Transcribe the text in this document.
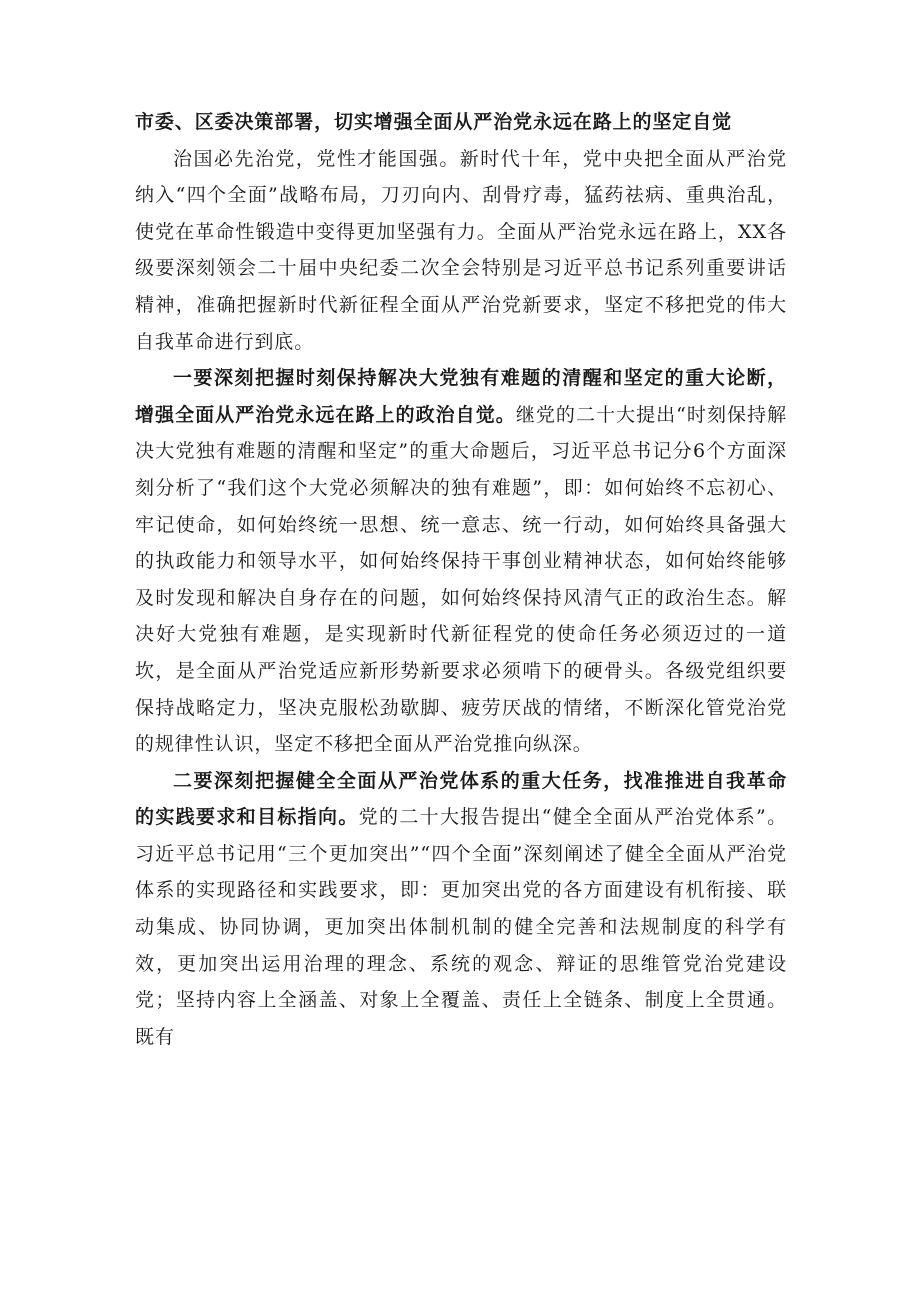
市委、区委决策部署，切实增强全面从严治党永远在路上的坚定自觉

治国必先治党，党性才能国强。新时代十年，党中央把全面从严治党纳入“四个全面”战略布局，刀刃向内、刮骨疗毒，猛药祛病、重典治乱，使党在革命性锻造中变得更加坚强有力。全面从严治党永远在路上，XX各级要深刻领会二十届中央纪委二次全会特别是习近平总书记系列重要讲话精神，准确把握新时代新征程全面从严治党新要求，坚定不移把党的伟大自我革命进行到底。

一要深刻把握时刻保持解决大党独有难题的清醒和坚定的重大论断，增强全面从严治党永远在路上的政治自觉。继党的二十大提出“时刻保持解决大党独有难题的清醒和坚定”的重大命题后，习近平总书记分6个方面深刻分析了“我们这个大党必须解决的独有难题”，即：如何始终不忘初心、牢记使命，如何始终统一思想、统一意志、统一行动，如何始终具备强大的执政能力和领导水平，如何始终保持干事创业精神状态，如何始终能够及时发现和解决自身存在的问题，如何始终保持风清气正的政治生态。解决好大党独有难题，是实现新时代新征程党的使命任务必须迈过的一道坎，是全面从严治党适应新形势新要求必须啃下的硬骨头。各级党组织要保持战略定力，坚决克服松劲歇脚、疲劳厌战的情绪，不断深化管党治党的规律性认识，坚定不移把全面从严治党推向纵深。

二要深刻把握健全全面从严治党体系的重大任务，找准推进自我革命的实践要求和目标指向。党的二十大报告提出“健全全面从严治党体系”。习近平总书记用“三个更加突出”“四个全面”深刻阐述了健全全面从严治党体系的实现路径和实践要求，即：更加突出党的各方面建设有机衔接、联动集成、协同协调，更加突出体制机制的健全完善和法规制度的科学有效，更加突出运用治理的理念、系统的观念、辩证的思维管党治党建设党；坚持内容上全涵盖、对象上全覆盖、责任上全链条、制度上全贯通。既有
